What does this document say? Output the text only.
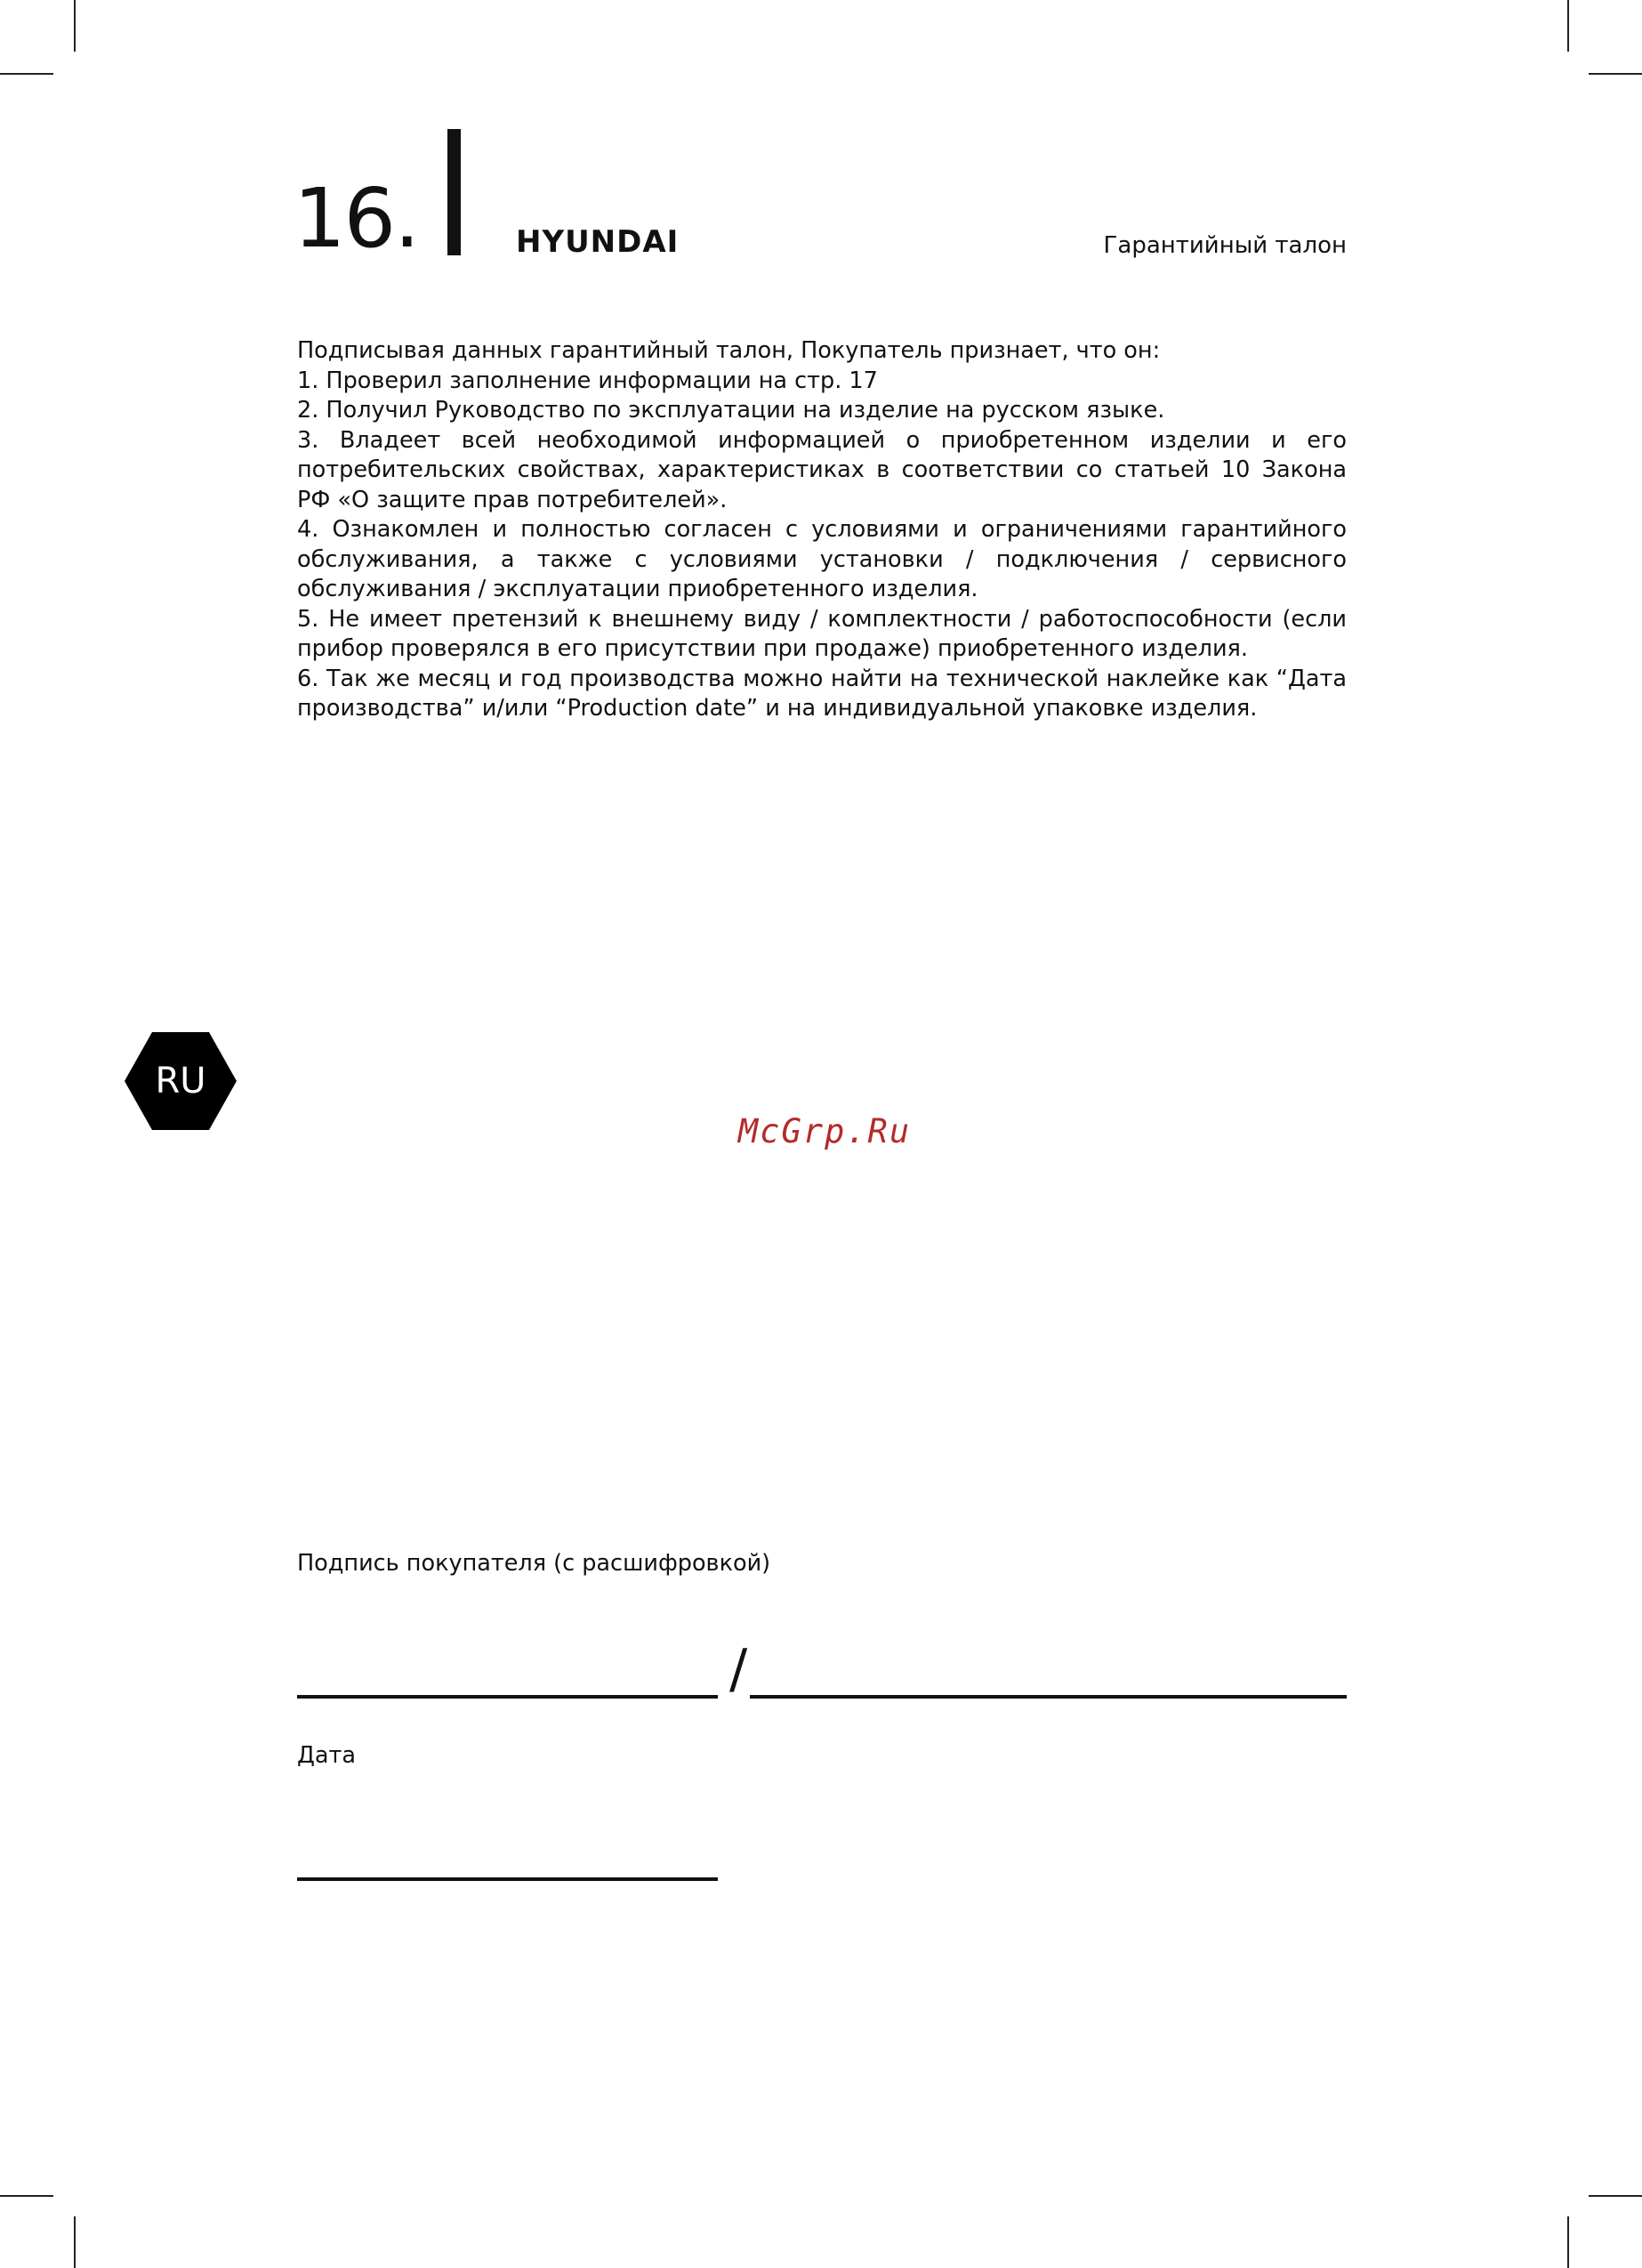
16.	HYUNDAI	Гарантийный талон

Подписывая данных гарантийный талон, Покупатель признает, что он:

1. Проверил заполнение информации на стр. 17

2. Получил Руководство по эксплуатации на изделие на русском языке.

3. Владеет всей необходимой информацией о приобретенном изделии и его потребительских свойствах, характеристиках в соответствии со статьей 10 Закона РФ «О защите прав потребителей».

4. Ознакомлен и полностью согласен с условиями и ограничениями гарантийного обслуживания, а также с условиями установки / подключения / сервисного обслуживания / эксплуатации приобретенного изделия.

5. Не имеет претензий к внешнему виду / комплектности / работоспособности (если прибор проверялся в его присутствии при продаже) приобретенного изделия.

6. Так же месяц и год производства можно найти на технической наклейке как “Дата производства” и/или “Production date” и на индивидуальной упаковке изделия.

RU
McGrp.Ru
Подпись покупателя (с расшифровкой)
/
Дата
